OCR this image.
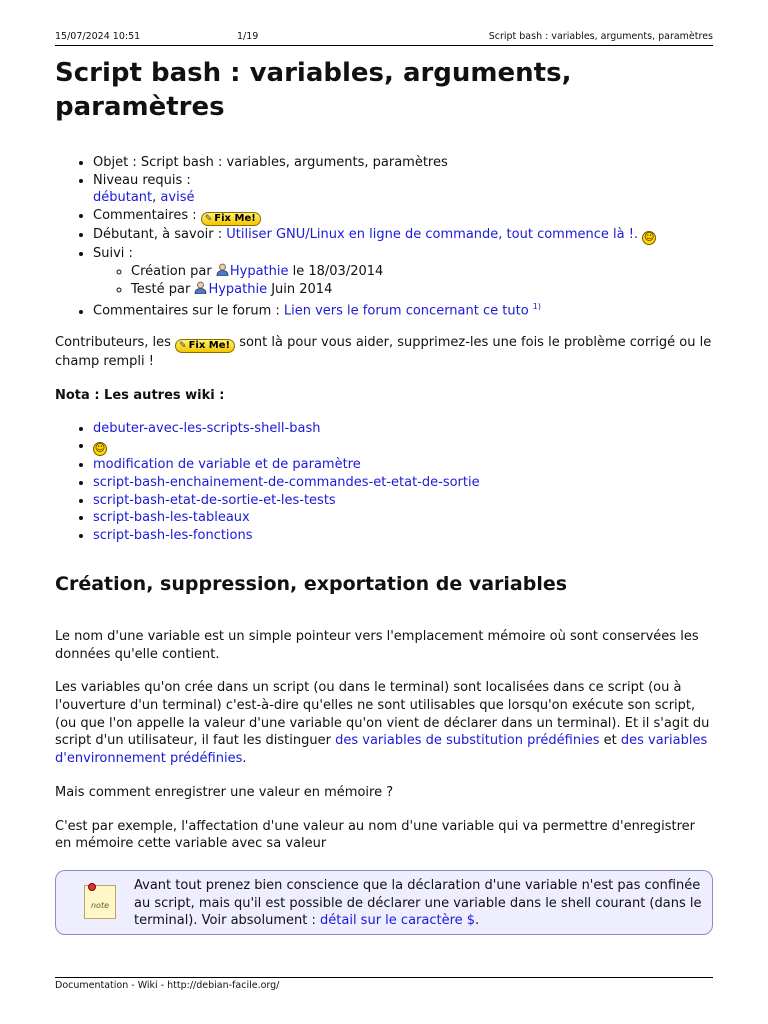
15/07/2024 10:51	1/19	Script bash : variables, arguments, paramètres
Script bash : variables, arguments, paramètres
• Objet : Script bash : variables, arguments, paramètres
• Niveau requis :
débutant, avisé
• Commentaires : ✎ Fix Me!
• Débutant, à savoir : Utiliser GNU/Linux en ligne de commande, tout commence là !. ☺
• Suivi :
◦ Création par Hypathie le 18/03/2014
◦ Testé par Hypathie Juin 2014
• Commentaires sur le forum : Lien vers le forum concernant ce tuto $^{1)}$

Contributeurs, les ✎ Fix Me! sont là pour vous aider, supprimez-les une fois le problème corrigé ou le champ rempli !

Nota : Les autres wiki :

• debuter-avec-les-scripts-shell-bash
• ☺
• modification de variable et de paramètre
• script-bash-enchainement-de-commandes-et-etat-de-sortie
• script-bash-etat-de-sortie-et-les-tests
• script-bash-les-tableaux
• script-bash-les-fonctions
Création, suppression, exportation de variables

Le nom d'une variable est un simple pointeur vers l'emplacement mémoire où sont conservées les données qu'elle contient.

Les variables qu'on crée dans un script (ou dans le terminal) sont localisées dans ce script (ou à l'ouverture d'un terminal) c'est-à-dire qu'elles ne sont utilisables que lorsqu'on exécute son script, (ou que l'on appelle la valeur d'une variable qu'on vient de déclarer dans un terminal). Et il s'agit du script d'un utilisateur, il faut les distinguer des variables de substitution prédéfinies et des variables d'environnement prédéfinies.

Mais comment enregistrer une valeur en mémoire ?

C'est par exemple, l'affectation d'une valeur au nom d'une variable qui va permettre d'enregistrer en mémoire cette variable avec sa valeur

note
Avant tout prenez bien conscience que la déclaration d'une variable n'est pas confinée au script, mais qu'il est possible de déclarer une variable dans le shell courant (dans le terminal). Voir absolument : détail sur le caractère $.
Documentation - Wiki - http://debian-facile.org/
